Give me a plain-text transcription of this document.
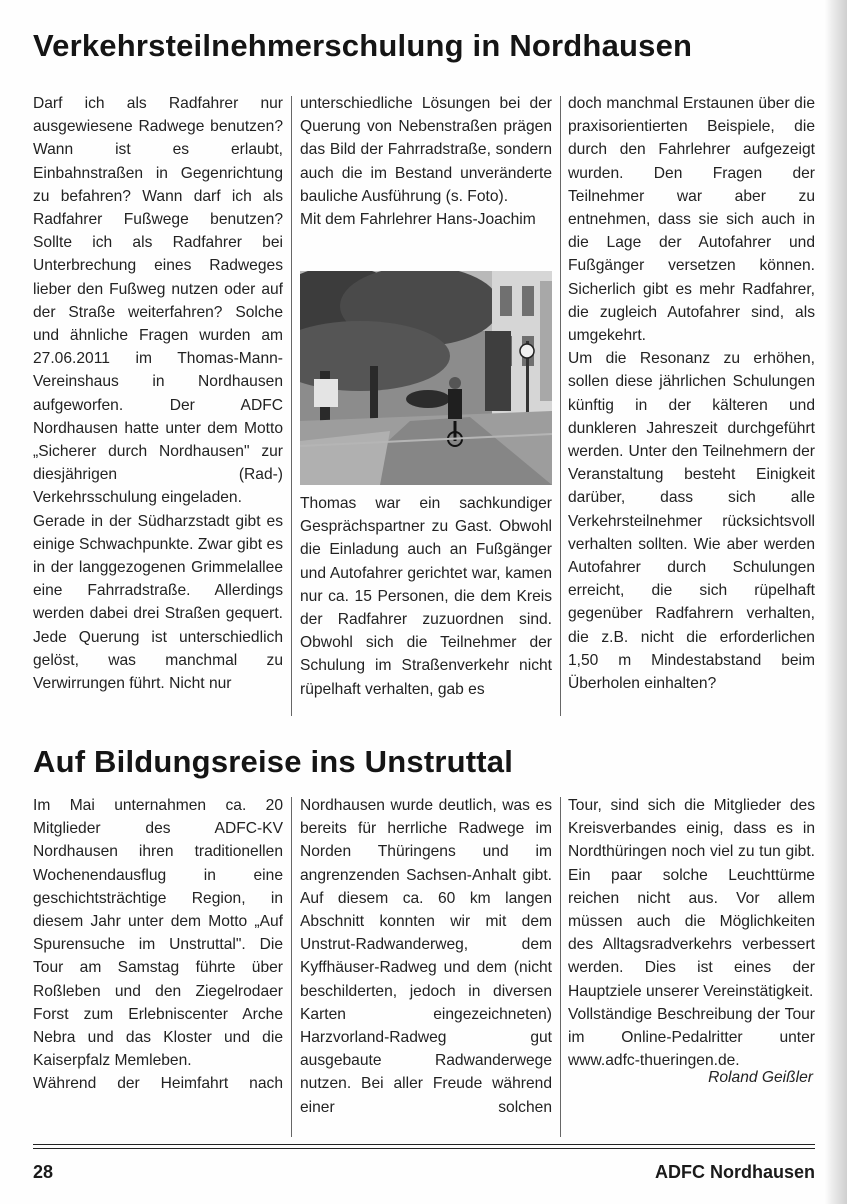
Verkehrsteilnehmerschulung in Nordhausen

Darf ich als Radfahrer nur ausgewiesene Radwege benutzen? Wann ist es erlaubt, Einbahnstraßen in Gegenrichtung zu befahren? Wann darf ich als Radfahrer Fußwege benutzen? Sollte ich als Radfahrer bei Unterbrechung eines Radweges lieber den Fußweg nutzen oder auf der Straße weiterfahren? Solche und ähnliche Fragen wurden am 27.06.2011 im Thomas-Mann-Vereinshaus in Nordhausen aufgeworfen. Der ADFC Nordhausen hatte unter dem Motto „Sicherer durch Nordhausen" zur diesjährigen (Rad-) Verkehrsschulung eingeladen.

Gerade in der Südharzstadt gibt es einige Schwachpunkte. Zwar gibt es in der langgezogenen Grimmelallee eine Fahrradstraße. Allerdings werden dabei drei Straßen gequert. Jede Querung ist unterschiedlich gelöst, was manchmal zu Verwirrungen führt. Nicht nur

unterschiedliche Lösungen bei der Querung von Nebenstraßen prägen das Bild der Fahrradstraße, sondern auch die im Bestand unveränderte bauliche Ausführung (s. Foto).

Mit dem Fahrlehrer Hans-Joachim

Thomas war ein sachkundiger Gesprächspartner zu Gast. Obwohl die Einladung auch an Fußgänger und Autofahrer gerichtet war, kamen nur ca. 15 Personen, die dem Kreis der Radfahrer zuzuordnen sind. Obwohl sich die Teilnehmer der Schulung im Straßenverkehr nicht rüpelhaft verhalten, gab es

doch manchmal Erstaunen über die praxisorientierten Beispiele, die durch den Fahrlehrer aufgezeigt wurden. Den Fragen der Teilnehmer war aber zu entnehmen, dass sie sich auch in die Lage der Autofahrer und Fußgänger versetzen können. Sicherlich gibt es mehr Radfahrer, die zugleich Autofahrer sind, als umgekehrt.

Um die Resonanz zu erhöhen, sollen diese jährlichen Schulungen künftig in der kälteren und dunkleren Jahreszeit durchgeführt werden. Unter den Teilnehmern der Veranstaltung besteht Einigkeit darüber, dass sich alle Verkehrsteilnehmer rücksichtsvoll verhalten sollten. Wie aber werden Autofahrer durch Schulungen erreicht, die sich rüpelhaft gegenüber Radfahrern verhalten, die z.B. nicht die erforderlichen 1,50 m Mindestabstand beim Überholen einhalten?

Auf Bildungsreise ins Unstruttal

Im Mai unternahmen ca. 20 Mitglieder des ADFC-KV Nordhausen ihren traditionellen Wochenendausflug in eine geschichtsträchtige Region, in diesem Jahr unter dem Motto „Auf Spurensuche im Unstruttal". Die Tour am Samstag führte über Roßleben und den Ziegelrodaer Forst zum Erlebniscenter Arche Nebra und das Kloster und die Kaiserpfalz Memleben.

Während der Heimfahrt nach

Nordhausen wurde deutlich, was es bereits für herrliche Radwege im Norden Thüringens und im angrenzenden Sachsen-Anhalt gibt. Auf diesem ca. 60 km langen Abschnitt konnten wir mit dem Unstrut-Radwanderweg, dem Kyffhäuser-Radweg und dem (nicht beschilderten, jedoch in diversen Karten eingezeichneten) Harzvorland-Radweg gut ausgebaute Radwanderwege nutzen. Bei aller Freude während einer solchen

Tour, sind sich die Mitglieder des Kreisverbandes einig, dass es in Nordthüringen noch viel zu tun gibt. Ein paar solche Leuchttürme reichen nicht aus. Vor allem müssen auch die Möglichkeiten des Alltagsradverkehrs verbessert werden. Dies ist eines der Hauptziele unserer Vereinstätigkeit.

Vollständige Beschreibung der Tour im Online-Pedalritter unter www.adfc-thueringen.de.

Roland Geißler
28	ADFC Nordhausen
